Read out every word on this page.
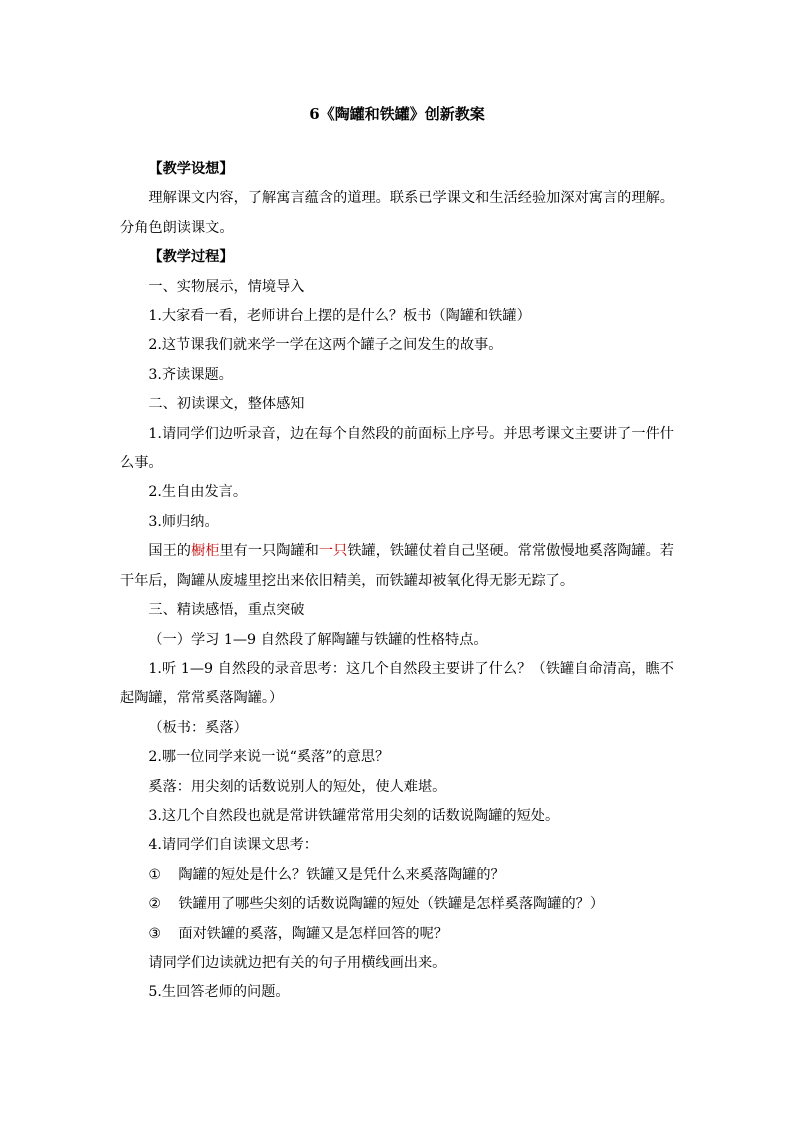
6《陶罐和铁罐》创新教案

【教学设想】

理解课文内容，了解寓言蕴含的道理。联系已学课文和生活经验加深对寓言的理解。分角色朗读课文。

【教学过程】

一、实物展示，情境导入

1.大家看一看，老师讲台上摆的是什么？板书（陶罐和铁罐）

2.这节课我们就来学一学在这两个罐子之间发生的故事。

3.齐读课题。

二、初读课文，整体感知

1.请同学们边听录音，边在每个自然段的前面标上序号。并思考课文主要讲了一件什么事。

2.生自由发言。

3.师归纳。

国王的橱柜里有一只陶罐和一只铁罐，铁罐仗着自己坚硬。常常傲慢地奚落陶罐。若干年后，陶罐从废墟里挖出来依旧精美，而铁罐却被氧化得无影无踪了。

三、精读感悟，重点突破

（一）学习 1—9 自然段了解陶罐与铁罐的性格特点。

1.听 1—9 自然段的录音思考：这几个自然段主要讲了什么？（铁罐自命清高，瞧不起陶罐，常常奚落陶罐。）

（板书：奚落）

2.哪一位同学来说一说“奚落”的意思？

奚落：用尖刻的话数说别人的短处，使人难堪。

3.这几个自然段也就是常讲铁罐常常用尖刻的话数说陶罐的短处。

4.请同学们自读课文思考：

① 陶罐的短处是什么？铁罐又是凭什么来奚落陶罐的？

② 铁罐用了哪些尖刻的话数说陶罐的短处（铁罐是怎样奚落陶罐的？）

③ 面对铁罐的奚落，陶罐又是怎样回答的呢？

请同学们边读就边把有关的句子用横线画出来。

5.生回答老师的问题。
